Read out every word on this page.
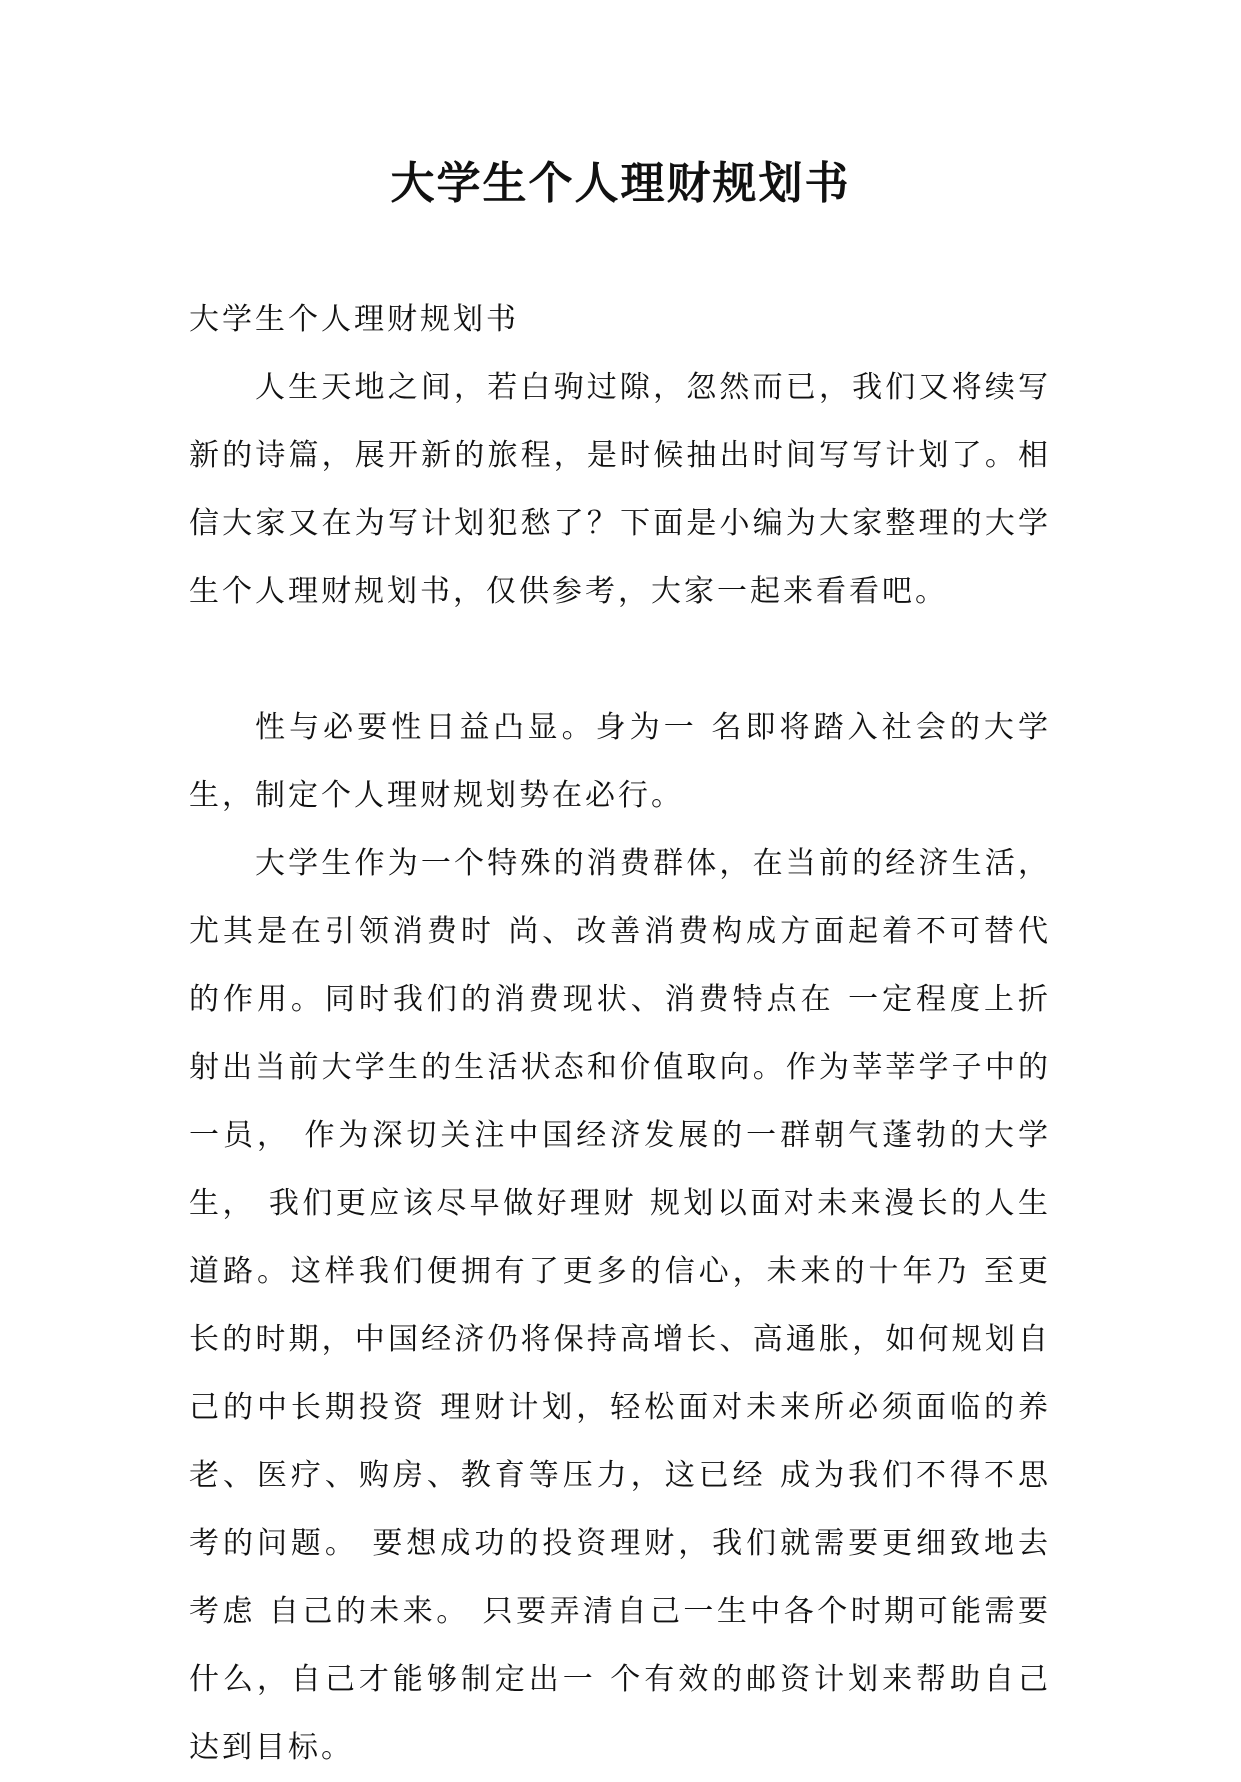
大学生个人理财规划书

大学生个人理财规划书

人生天地之间，若白驹过隙，忽然而已，我们又将续写新的诗篇，展开新的旅程，是时候抽出时间写写计划了。相信大家又在为写计划犯愁了？下面是小编为大家整理的大学生个人理财规划书，仅供参考，大家一起来看看吧。

性与必要性日益凸显。身为一 名即将踏入社会的大学生，制定个人理财规划势在必行。

大学生作为一个特殊的消费群体，在当前的经济生活，尤其是在引领消费时 尚、改善消费构成方面起着不可替代的作用。同时我们的消费现状、消费特点在 一定程度上折射出当前大学生的生活状态和价值取向。作为莘莘学子中的一员， 作为深切关注中国经济发展的一群朝气蓬勃的大学生， 我们更应该尽早做好理财 规划以面对未来漫长的人生道路。这样我们便拥有了更多的信心，未来的十年乃 至更长的时期，中国经济仍将保持高增长、高通胀，如何规划自己的中长期投资 理财计划，轻松面对未来所必须面临的养老、医疗、购房、教育等压力，这已经 成为我们不得不思考的问题。 要想成功的投资理财，我们就需要更细致地去考虑 自己的未来。 只要弄清自己一生中各个时期可能需要什么，自己才能够制定出一 个有效的邮资计划来帮助自己达到目标。
